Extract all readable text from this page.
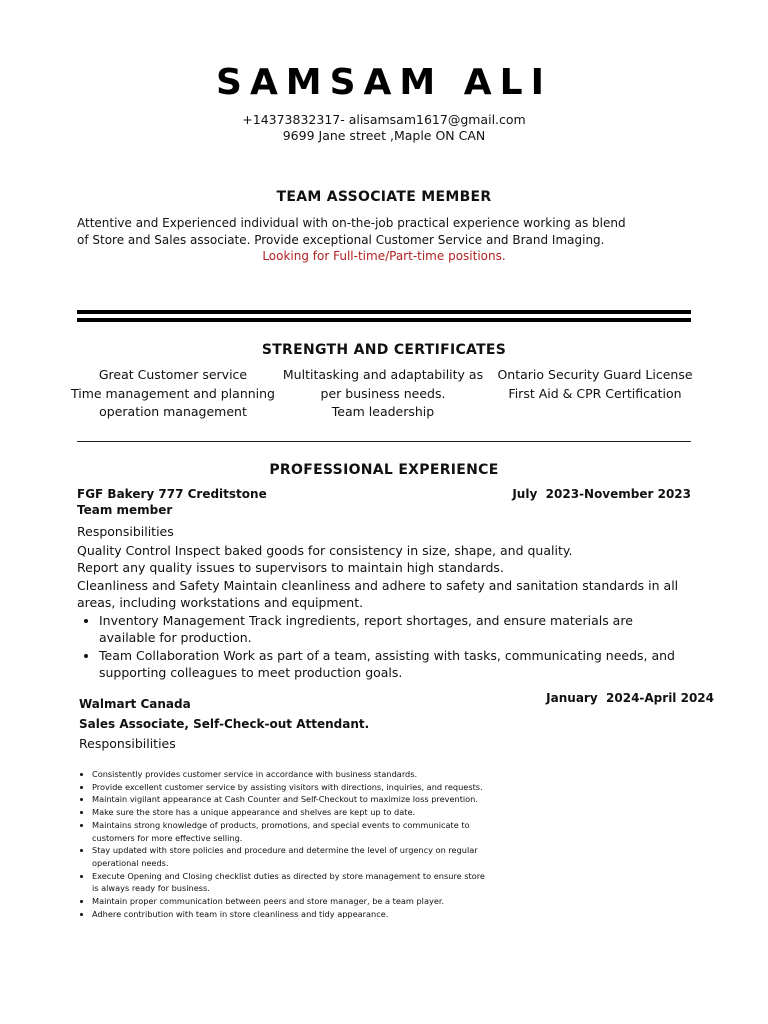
SAMSAM ALI
+14373832317- alisamsam1617@gmail.com
9699 Jane street ,Maple ON CAN
TEAM ASSOCIATE MEMBER
Attentive and Experienced individual with on-the-job practical experience working as blend of Store and Sales associate. Provide exceptional Customer Service and Brand Imaging.
Looking for Full-time/Part-time positions.
STRENGTH AND CERTIFICATES
Great Customer service
Time management and planning
operation management
Multitasking and adaptability as
per business needs.
Team leadership
Ontario Security Guard License
First Aid & CPR Certification
PROFESSIONAL EXPERIENCE
FGF Bakery 777 Creditstone	July  2023-November 2023
Team member

Responsibilities

Quality Control Inspect baked goods for consistency in size, shape, and quality.

Report any quality issues to supervisors to maintain high standards.

Cleanliness and Safety Maintain cleanliness and adhere to safety and sanitation standards in all areas, including workstations and equipment.

• Inventory Management Track ingredients, report shortages, and ensure materials are available for production.
• Team Collaboration Work as part of a team, assisting with tasks, communicating needs, and supporting colleagues to meet production goals.
Walmart Canada	January  2024-April 2024
Sales Associate, Self-Check-out Attendant.
Responsibilities
• Consistently provides customer service in accordance with business standards.
• Provide excellent customer service by assisting visitors with directions, inquiries, and requests.
• Maintain vigilant appearance at Cash Counter and Self-Checkout to maximize loss prevention.
• Make sure the store has a unique appearance and shelves are kept up to date.
• Maintains strong knowledge of products, promotions, and special events to communicate to
customers for more effective selling.
• Stay updated with store policies and procedure and determine the level of urgency on regular
operational needs.
• Execute Opening and Closing checklist duties as directed by store management to ensure store
is always ready for business.
• Maintain proper communication between peers and store manager, be a team player.
• Adhere contribution with team in store cleanliness and tidy appearance.
